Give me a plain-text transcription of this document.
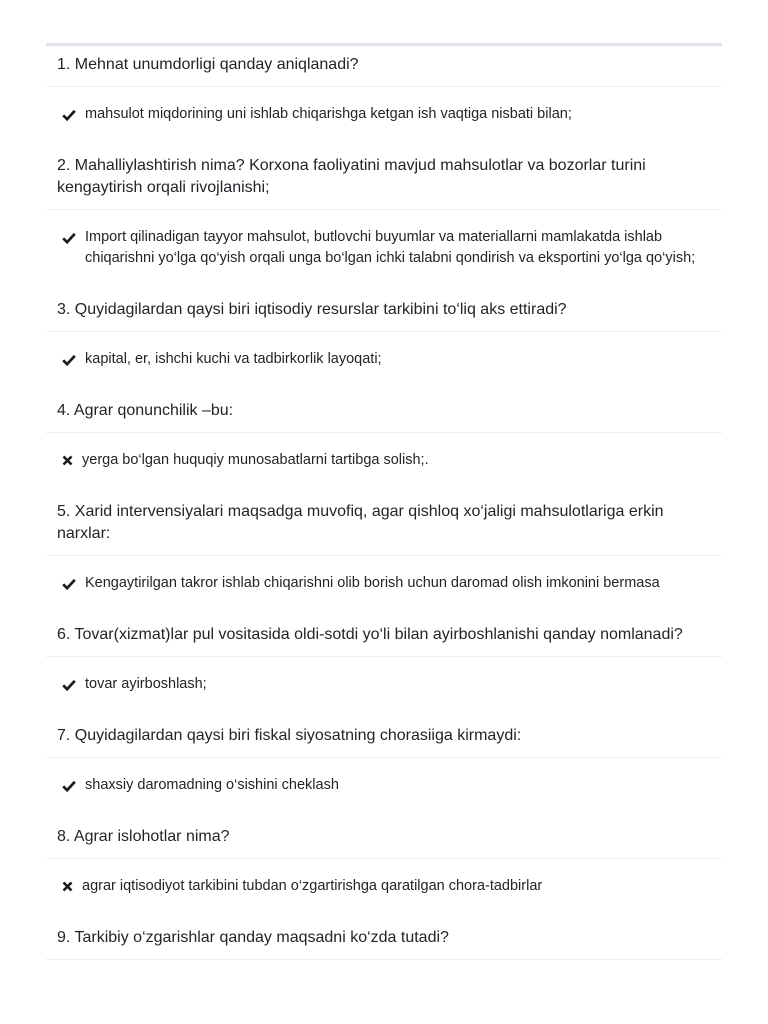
1. Mehnat unumdorligi qanday aniqlanadi?
mahsulot miqdorining uni ishlab chiqarishga ketgan ish vaqtiga nisbati bilan;
2. Mahalliylashtirish nima? Korxona faoliyatini mavjud mahsulotlar va bozorlar turini kengaytirish orqali rivojlanishi;
Import qilinadigan tayyor mahsulot, butlovchi buyumlar va materiallarni mamlakatda ishlab chiqarishni yo‘lga qo‘yish orqali unga bo‘lgan ichki talabni qondirish va eksportini yo‘lga qo‘yish;
3. Quyidagilardan qaysi biri iqtisodiy resurslar tarkibini to‘liq aks ettiradi?
kapital, er, ishchi kuchi va tadbirkorlik layoqati;
4. Agrar qonunchilik –bu:
yerga bo‘lgan huquqiy munosabatlarni tartibga solish;.
5. Xarid intervensiyalari maqsadga muvofiq, agar qishloq xo‘jaligi mahsulotlariga erkin narxlar:
Kengaytirilgan takror ishlab chiqarishni olib borish uchun daromad olish imkonini bermasa
6. Tovar(xizmat)lar pul vositasida oldi-sotdi yo‘li bilan ayirboshlanishi qanday nomlanadi?
tovar ayirboshlash;
7. Quyidagilardan qaysi biri fiskal siyosatning chorasiiga kirmaydi:
shaxsiy daromadning o‘sishini cheklash
8. Agrar islohotlar nima?
agrar iqtisodiyot tarkibini tubdan o‘zgartirishga qaratilgan chora-tadbirlar
9. Tarkibiy o‘zgarishlar qanday maqsadni ko‘zda tutadi?
